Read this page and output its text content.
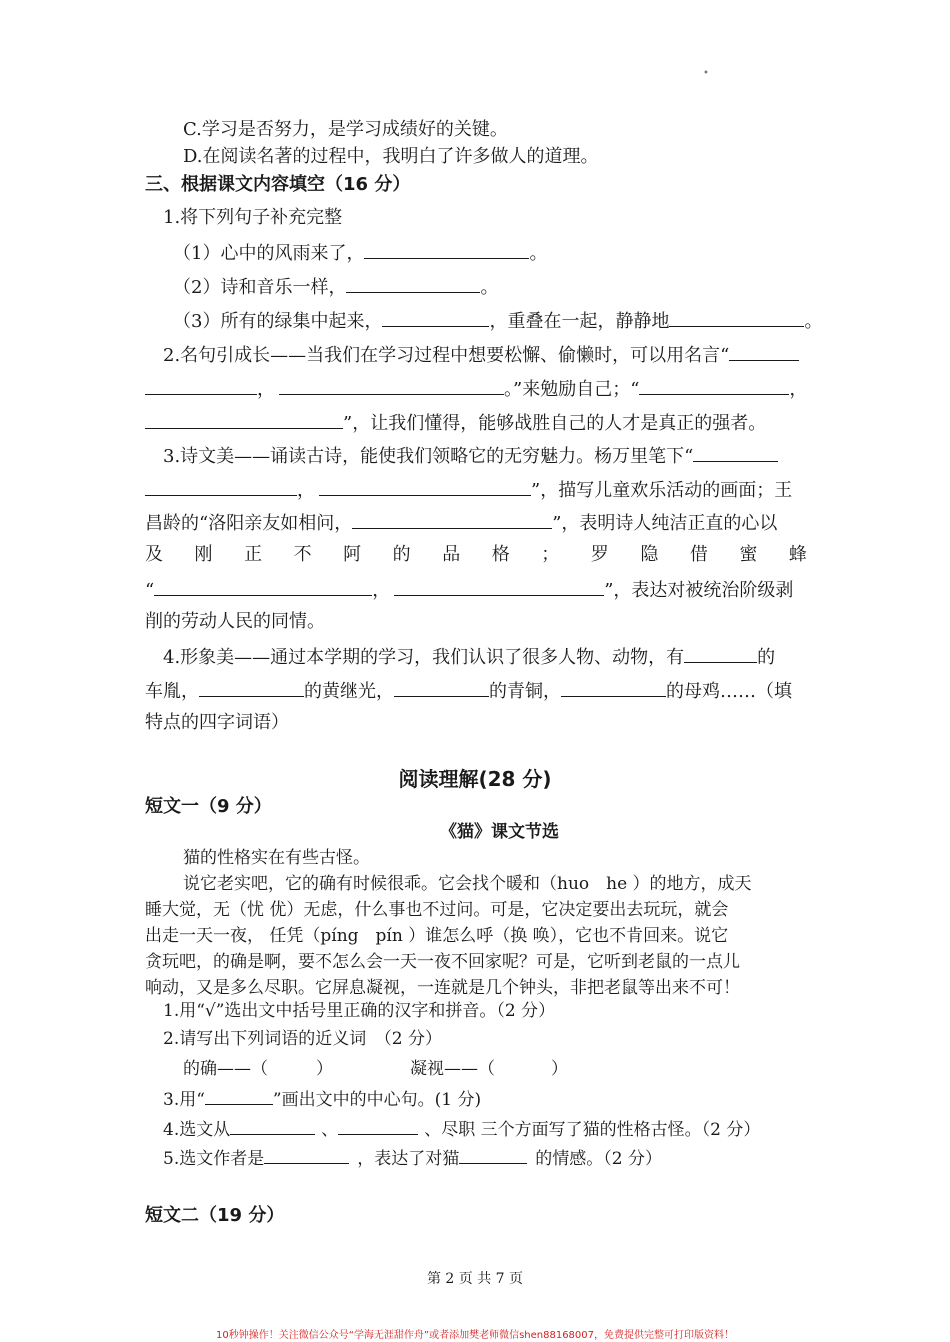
•
C.学习是否努力，是学习成绩好的关键。
D.在阅读名著的过程中，我明白了许多做人的道理。
三、根据课文内容填空（16 分）
1.将下列句子补充完整
（1）心中的风雨来了，	。
（2）诗和音乐一样，	。
（3）所有的绿集中起来，	，重叠在一起，静静地	。
2.名句引成长——当我们在学习过程中想要松懈、偷懒时，可以用名言“
，	。”来勉励自己；“	，
”，让我们懂得，能够战胜自己的人才是真正的强者。
3.诗文美——诵读古诗，能使我们领略它的无穷魅力。杨万里笔下“
，	”，描写儿童欢乐活动的画面；王
昌龄的“洛阳亲友如相问，	”，表明诗人纯洁正直的心以
及 刚 正 不 阿 的 品 格 ； 罗 隐 借 蜜 蜂
“	，	”，表达对被统治阶级剥
削的劳动人民的同情。
4.形象美——通过本学期的学习，我们认识了很多人物、动物，有	的
车胤，	的黄继光，	的青铜，	的母鸡……（填
特点的四字词语）
阅读理解(28 分)
短文一（9 分）
《猫》课文节选
猫的性格实在有些古怪。
说它老实吧，它的确有时候很乖。它会找个暖和（huo　he ）的地方，成天
睡大觉，无（忧 优）无虑，什么事也不过问。可是，它决定要出去玩玩，就会
出走一天一夜， 任凭（píng　pín ）谁怎么呼（换 唤），它也不肯回来。说它
贪玩吧，的确是啊，要不怎么会一天一夜不回家呢？可是，它听到老鼠的一点儿
响动，又是多么尽职。它屏息凝视，一连就是几个钟头，非把老鼠等出来不可！
1.用“√”选出文中括号里正确的汉字和拼音。（2 分）
2.请写出下列词语的近义词　（2 分）
的确——（	）	凝视——（	）
3.用“	”画出文中的中心句。(1 分)
4.选文从	、	、尽职 三个方面写了猫的性格古怪。（2 分）
5.选文作者是	，表达了对猫	的情感。（2 分）
短文二（19 分）
第 2 页 共 7 页
10秒钟操作！关注微信公众号“学海无涯甜作舟”或者添加樊老师微信shen88168007，免费提供完整可打印版资料！
